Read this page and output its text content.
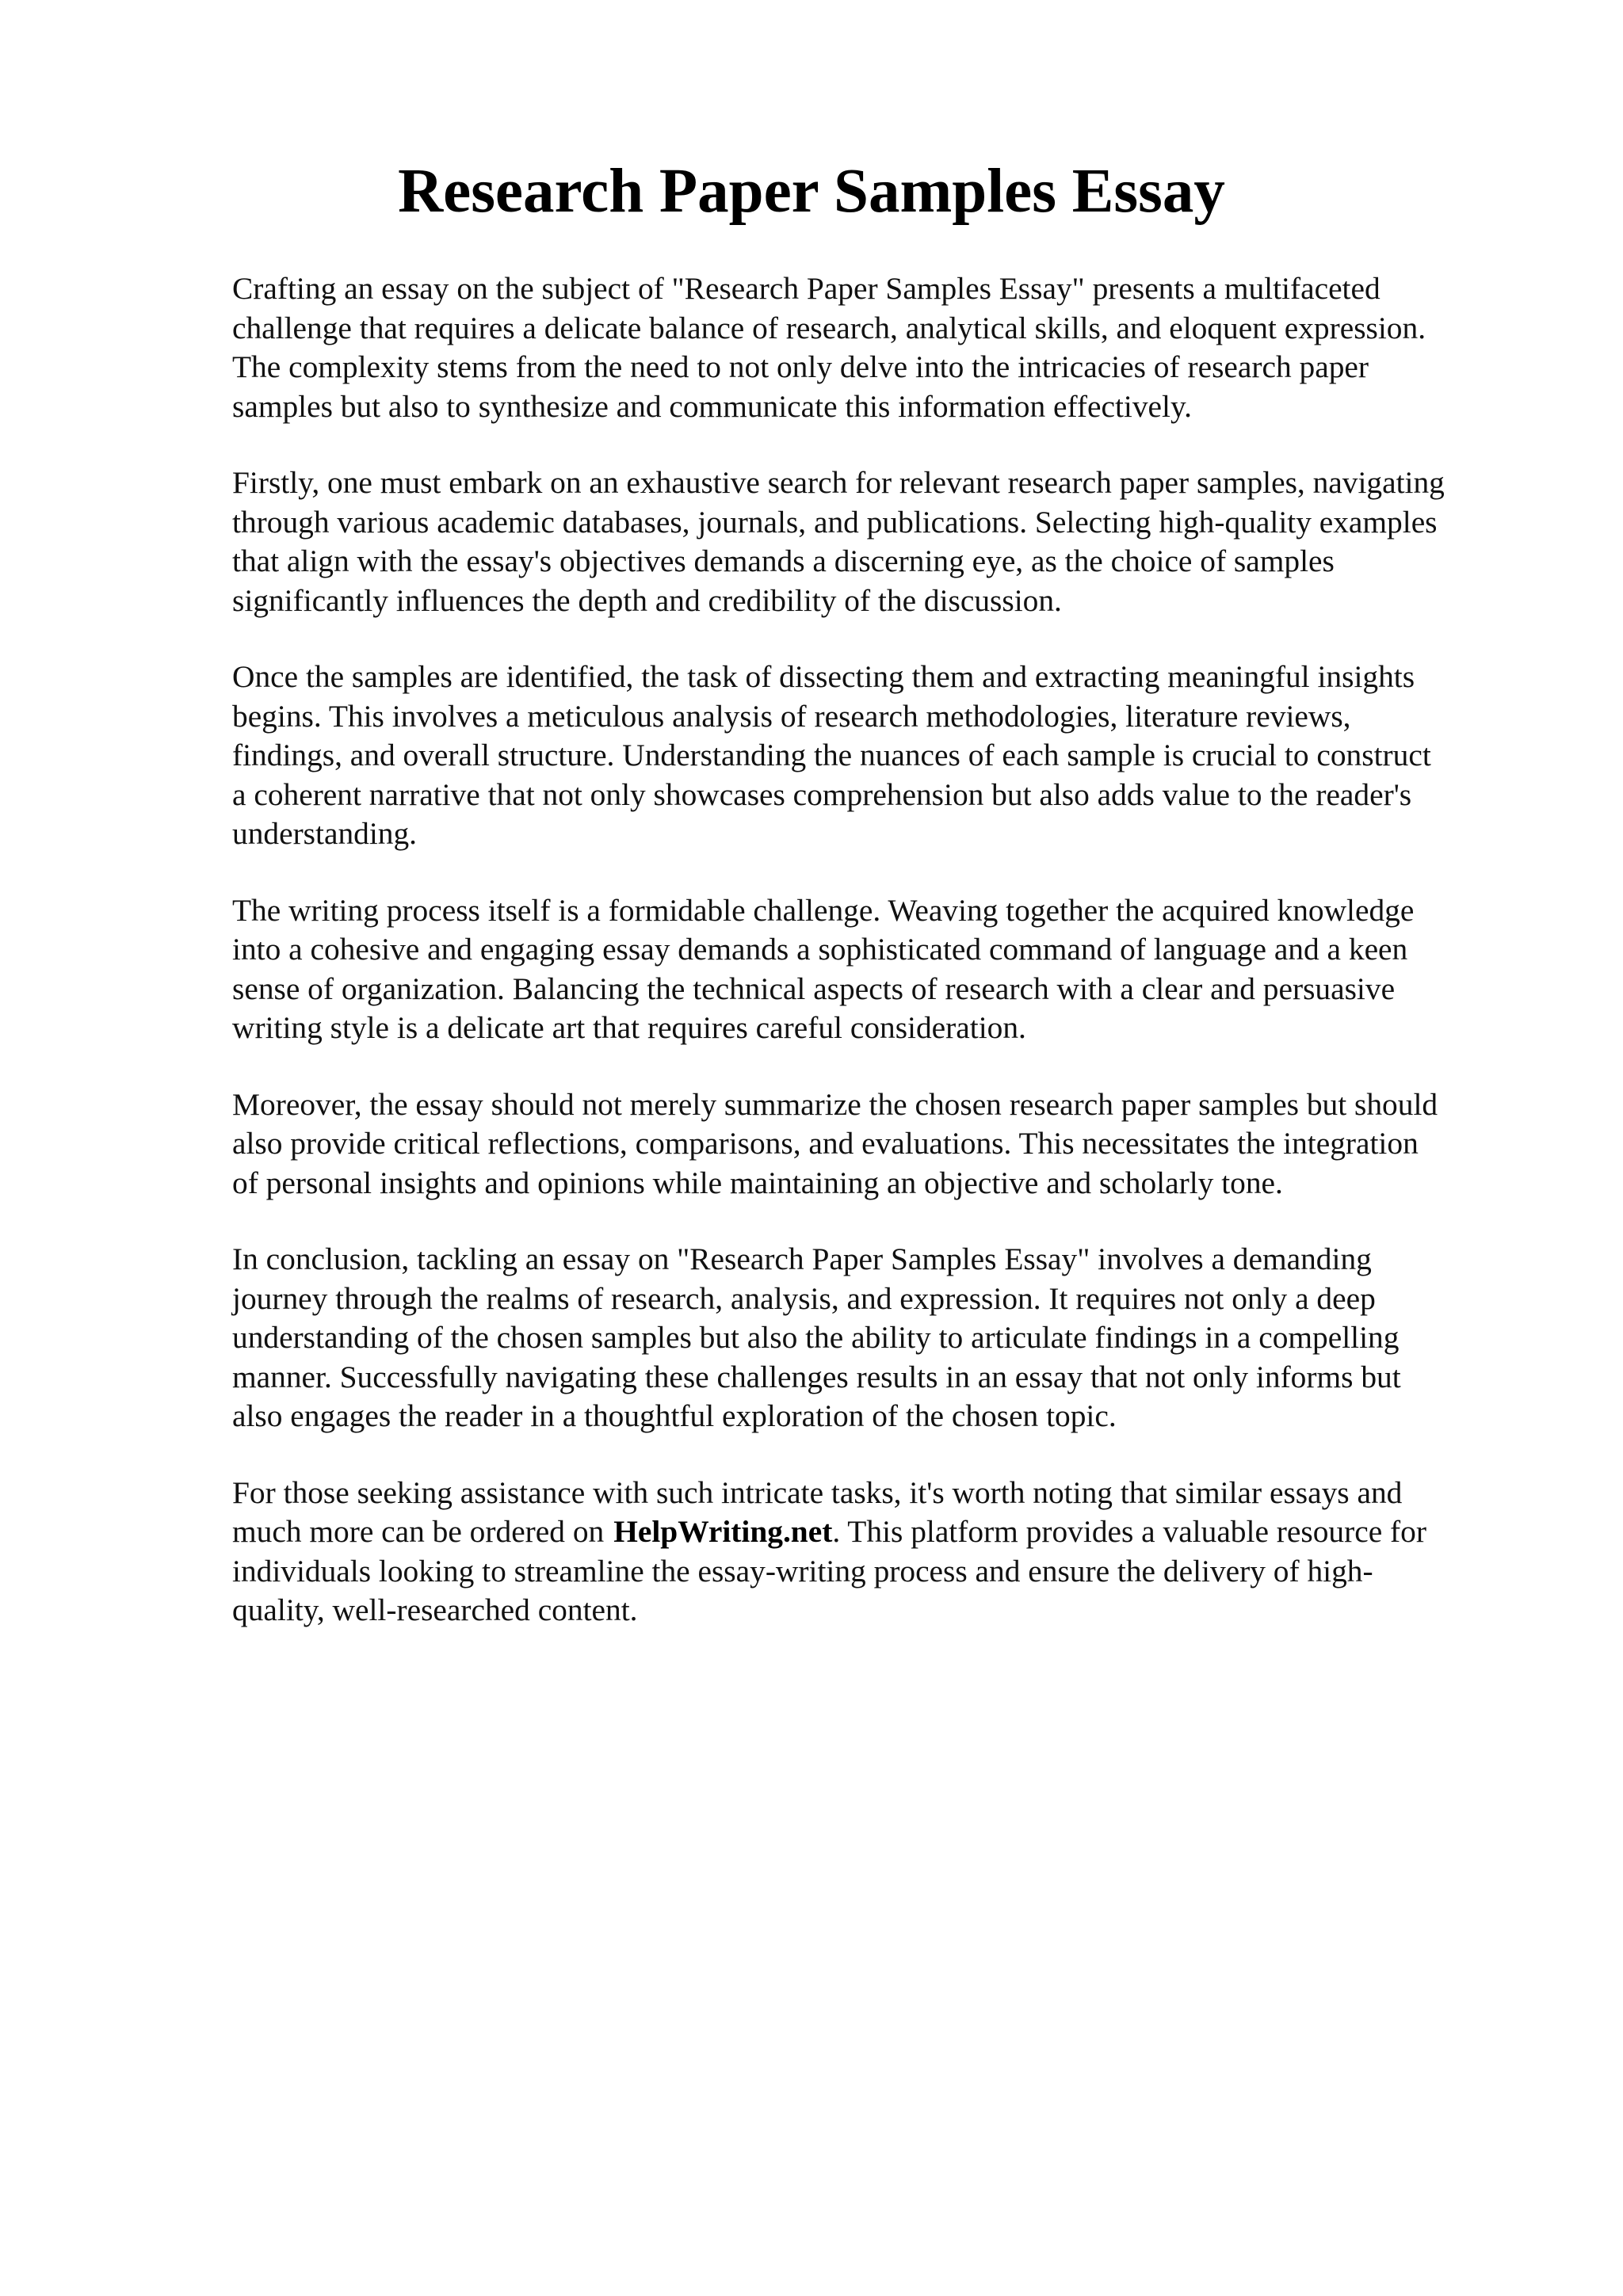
Research Paper Samples Essay

Crafting an essay on the subject of "Research Paper Samples Essay" presents a multifaceted
challenge that requires a delicate balance of research, analytical skills, and eloquent expression.
The complexity stems from the need to not only delve into the intricacies of research paper
samples but also to synthesize and communicate this information effectively.

Firstly, one must embark on an exhaustive search for relevant research paper samples, navigating
through various academic databases, journals, and publications. Selecting high-quality examples
that align with the essay's objectives demands a discerning eye, as the choice of samples
significantly influences the depth and credibility of the discussion.

Once the samples are identified, the task of dissecting them and extracting meaningful insights
begins. This involves a meticulous analysis of research methodologies, literature reviews,
findings, and overall structure. Understanding the nuances of each sample is crucial to construct
a coherent narrative that not only showcases comprehension but also adds value to the reader's
understanding.

The writing process itself is a formidable challenge. Weaving together the acquired knowledge
into a cohesive and engaging essay demands a sophisticated command of language and a keen
sense of organization. Balancing the technical aspects of research with a clear and persuasive
writing style is a delicate art that requires careful consideration.

Moreover, the essay should not merely summarize the chosen research paper samples but should
also provide critical reflections, comparisons, and evaluations. This necessitates the integration
of personal insights and opinions while maintaining an objective and scholarly tone.

In conclusion, tackling an essay on "Research Paper Samples Essay" involves a demanding
journey through the realms of research, analysis, and expression. It requires not only a deep
understanding of the chosen samples but also the ability to articulate findings in a compelling
manner. Successfully navigating these challenges results in an essay that not only informs but
also engages the reader in a thoughtful exploration of the chosen topic.

For those seeking assistance with such intricate tasks, it's worth noting that similar essays and
much more can be ordered on HelpWriting.net. This platform provides a valuable resource for
individuals looking to streamline the essay-writing process and ensure the delivery of high-
quality, well-researched content.
